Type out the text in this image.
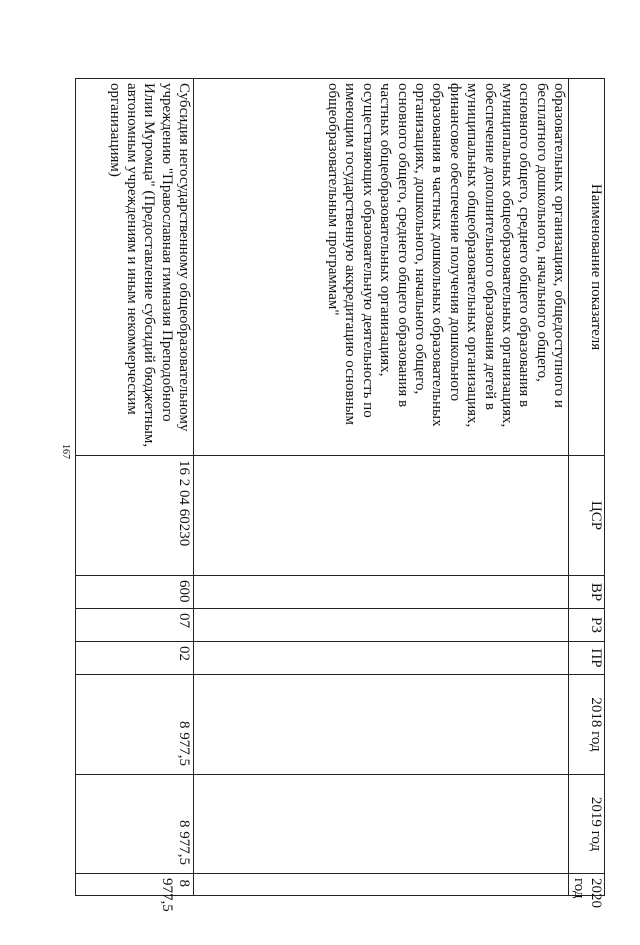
167
Наименование показателя	ЦСР	ВР	РЗ	ПР	2018 год	2019 год	2020 год
образовательных организациях, общедоступного и бесплатного дошкольного, начального общего, основного общего, среднего общего образования в муниципальных общеобразовательных организациях, обеспечение дополнительного образования детей в муниципальных общеобразовательных организациях, финансовое обеспечение получения дошкольного образования в частных дошкольных образовательных организациях, дошкольного, начального общего, основного общего, среднего общего образования в частных общеобразовательных организациях, осуществляющих образовательную деятельность по имеющим государственную аккредитацию основным общеобразовательным программам"							
Субсидия негосударственному общеобразовательному учреждению "Православная гимназия Преподобного Илии Муромца" (Предоставление субсидий бюджетным, автономным учреждениям и иным некоммерческим организациям)	16 2 04 60230	600	07	02	8 977,5	8 977,5	8 977,5
